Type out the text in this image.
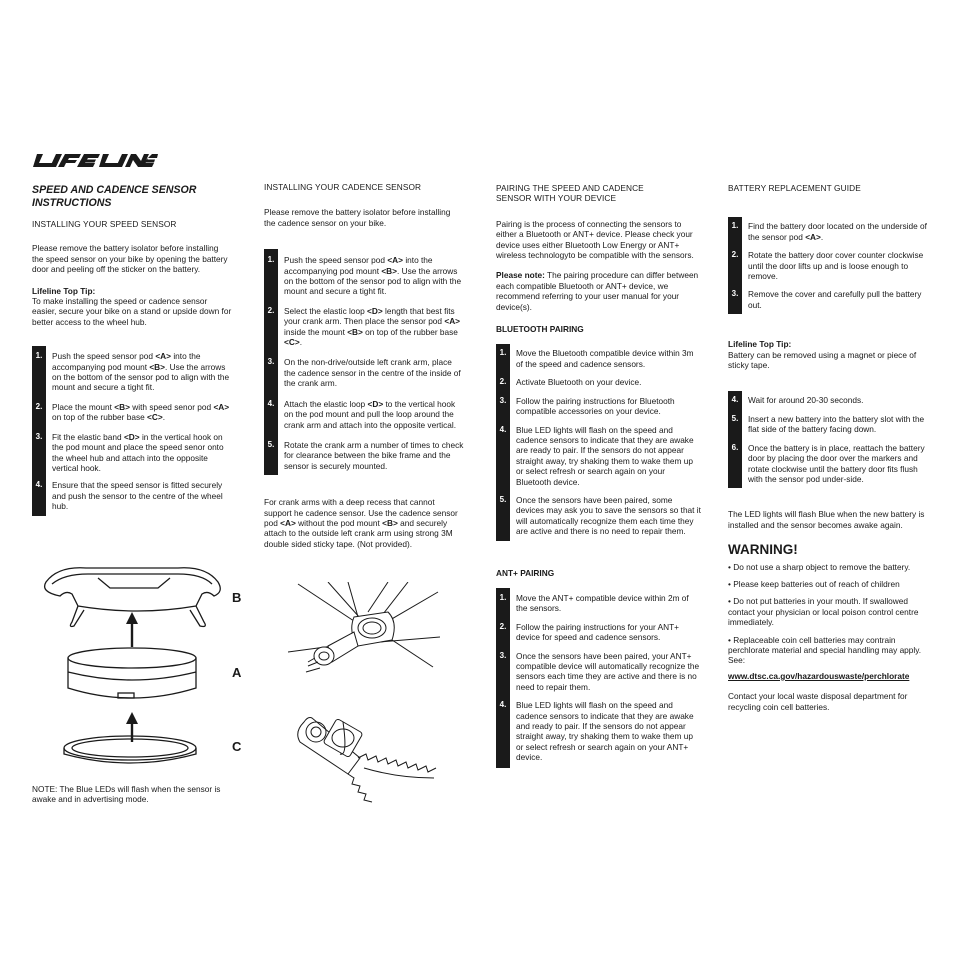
LIFELINE

SPEED AND CADENCE SENSOR

INSTRUCTIONS

INSTALLING YOUR SPEED SENSOR

Please remove the battery isolator before installing the speed sensor on your bike by opening the battery door and peeling off the sticker on the battery.

Lifeline Top Tip:

To make installing the speed or cadence sensor easier, secure your bike on a stand or upside down for better access to the wheel hub.

1.	Push the speed sensor pod <A> into the accompanying pod mount <B>. Use the arrows on the bottom of the sensor pod to align with the mount and secure a tight fit.
2.	Place the mount <B> with speed senor pod <A> on top of the rubber base <C>.
3.	Fit the elastic band <D> in the vertical hook on the pod mount and place the speed senor onto the wheel hub and attach into the opposite vertical hook.
4.	Ensure that the speed sensor is fitted securely and push the sensor to the centre of the wheel hub.
B
A
C

NOTE: The Blue LEDs will flash when the sensor is awake and in advertising mode.

INSTALLING YOUR CADENCE SENSOR

Please remove the battery isolator before installing the cadence sensor on your bike.

1.	Push the speed sensor pod <A> into the accompanying pod mount <B>. Use the arrows on the bottom of the sensor pod to align with the mount and secure a tight fit.
2.	Select the elastic loop <D> length that best fits your crank arm. Then place the sensor pod <A> inside the mount <B> on top of the rubber base <C>.
3.	On the non-drive/outside left crank arm, place the cadence sensor in the centre of the inside of the crank arm.
4.	Attach the elastic loop <D> to the vertical hook on the pod mount and pull the loop around the crank arm and attach into the opposite vertical.
5.	Rotate the crank arm a number of times to check for clearance between the bike frame and the sensor is securely mounted.

For crank arms with a deep recess that cannot support he cadence sensor. Use the cadence sensor pod <A> without the pod mount <B> and securely attach to the outside left crank arm using strong 3M double sided sticky tape. (Not provided).

PAIRING THE SPEED AND CADENCE

SENSOR WITH YOUR DEVICE

Pairing is the process of connecting the sensors to either a Bluetooth or ANT+ device. Please check your device uses either Bluetooth Low Energy or ANT+ wireless technologyto be compatible with the sensors.

Please note: The pairing procedure can differ between each compatible Bluetooth or ANT+ device, we recommend referring to your user manual for your device(s).

BLUETOOTH PAIRING

1.	Move the Bluetooth compatible device within 3m of the speed and cadence sensors.
2.	Activate Bluetooth on your device.
3.	Follow the pairing instructions for Bluetooth compatible accessories on your device.
4.	Blue LED lights will flash on the speed and cadence sensors to indicate that they are awake are ready to pair. If the sensors do not appear straight away, try shaking them to wake them up or select refresh or search again on your Bluetooth device.
5.	Once the sensors have been paired, some devices may ask you to save the sensors so that it will automatically recognize them each time they are active and there is no need to repair them.

ANT+ PAIRING

1.	Move the ANT+ compatible device within 2m of the sensors.
2.	Follow the pairing instructions for your ANT+ device for speed and cadence sensors.
3.	Once the sensors have been paired, your ANT+ compatible device will automatically recognize the sensors each time they are active and there is no need to repair them.
4.	Blue LED lights will flash on the speed and cadence sensors to indicate that they are awake and ready to pair. If the sensors do not appear straight away, try shaking them to wake them up or select refresh or search again on your ANT+ device.

BATTERY REPLACEMENT GUIDE

1.	Find the battery door located on the underside of the sensor pod <A>.
2.	Rotate the battery door cover counter clockwise until the door lifts up and is loose enough to remove.
3.	Remove the cover and carefully pull the battery out.

Lifeline Top Tip:

Battery can be removed using a magnet or piece of sticky tape.

4.	Wait for around 20-30 seconds.
5.	Insert a new battery into the battery slot with the flat side of the battery facing down.
6.	Once the battery is in place, reattach the battery door by placing the door over the markers and rotate clockwise until the battery door fits flush with the sensor pod under-side.

The LED lights will flash Blue when the new battery is installed and the sensor becomes awake again.

WARNING!

• Do not use a sharp object to remove the battery.

• Please keep batteries out of reach of children

• Do not put batteries in your mouth. If swallowed contact your physician or local poison control centre immediately.

• Replaceable coin cell batteries may contrain perchlorate material and special handling may apply. See:

www.dtsc.ca.gov/hazardouswaste/perchlorate

Contact your local waste disposal department for recycling coin cell batteries.
